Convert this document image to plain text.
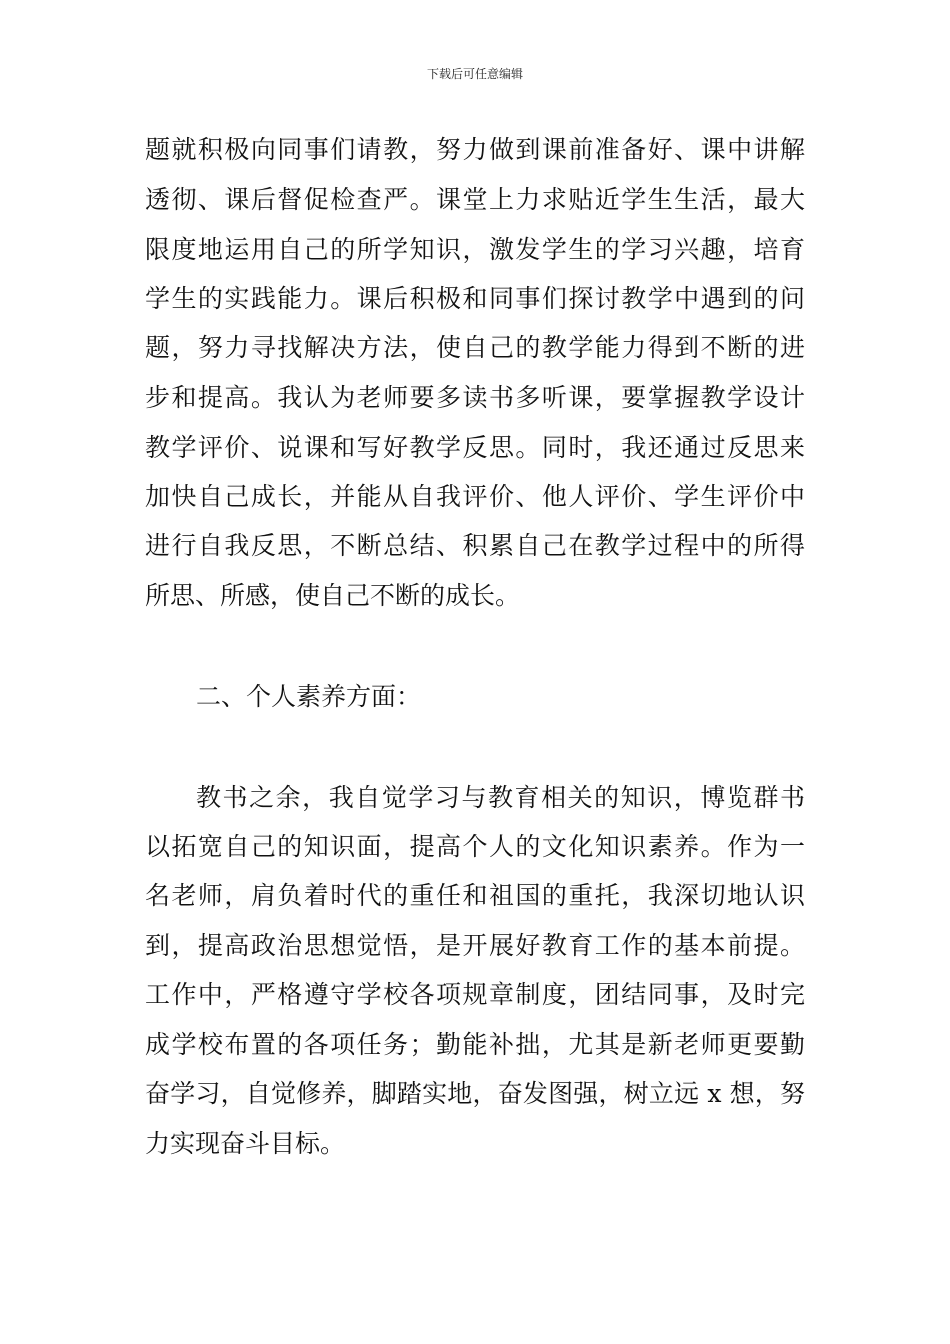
下载后可任意编辑
题就积极向同事们请教，努力做到课前准备好、课中讲解
透彻、课后督促检查严。课堂上力求贴近学生生活，最大
限度地运用自己的所学知识，激发学生的学习兴趣，培育
学生的实践能力。课后积极和同事们探讨教学中遇到的问
题，努力寻找解决方法，使自己的教学能力得到不断的进
步和提高。我认为老师要多读书多听课，要掌握教学设计
教学评价、说课和写好教学反思。同时，我还通过反思来
加快自己成长，并能从自我评价、他人评价、学生评价中
进行自我反思，不断总结、积累自己在教学过程中的所得
所思、所感，使自己不断的成长。
二、个人素养方面：
教书之余，我自觉学习与教育相关的知识，博览群书
以拓宽自己的知识面，提高个人的文化知识素养。作为一
名老师，肩负着时代的重任和祖国的重托，我深切地认识
到，提高政治思想觉悟，是开展好教育工作的基本前提。
工作中，严格遵守学校各项规章制度，团结同事，及时完
成学校布置的各项任务；勤能补拙，尤其是新老师更要勤
奋学习，自觉修养，脚踏实地，奋发图强，树立远 x 想，努
力实现奋斗目标。
